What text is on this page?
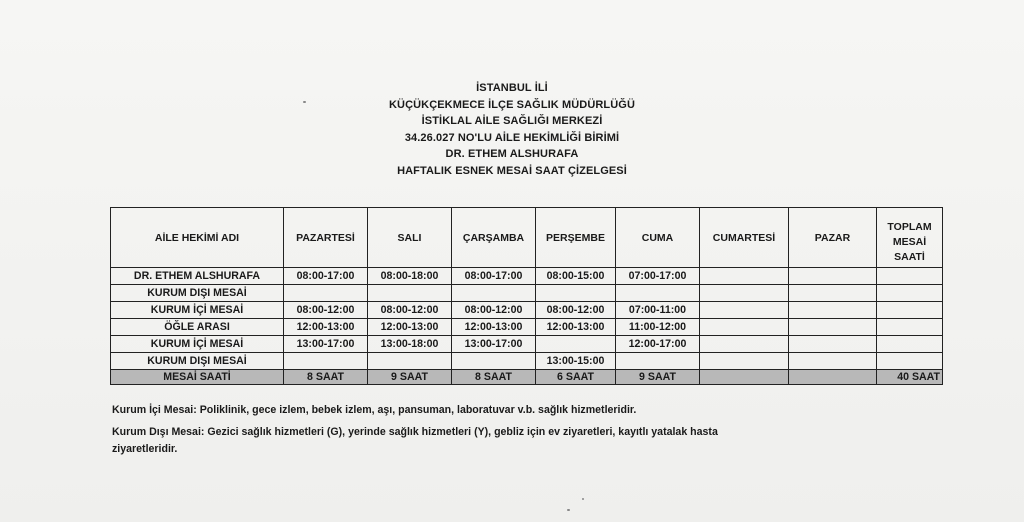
İSTANBUL İLİ
KÜÇÜKÇEKMECE İLÇE SAĞLIK MÜDÜRLÜĞÜ
İSTİKLAL AİLE SAĞLIĞI MERKEZİ
34.26.027 NO'LU AİLE HEKİMLİĞİ BİRİMİ
DR. ETHEM ALSHURAFA
HAFTALIK ESNEK MESAİ SAAT ÇİZELGESİ
AİLE HEKİMİ ADI	PAZARTESİ	SALI	ÇARŞAMBA	PERŞEMBE	CUMA	CUMARTESİ	PAZAR	TOPLAM
MESAİ
SAATİ

DR. ETHEM ALSHURAFA	08:00-17:00	08:00-18:00	08:00-17:00	08:00-15:00	07:00-17:00			
KURUM DIŞI MESAİ								
KURUM İÇİ MESAİ	08:00-12:00	08:00-12:00	08:00-12:00	08:00-12:00	07:00-11:00			
ÖĞLE ARASI	12:00-13:00	12:00-13:00	12:00-13:00	12:00-13:00	11:00-12:00			
KURUM İÇİ MESAİ	13:00-17:00	13:00-18:00	13:00-17:00		12:00-17:00			
KURUM DIŞI MESAİ				13:00-15:00				
MESAİ SAATİ	8 SAAT	9 SAAT	8 SAAT	6 SAAT	9 SAAT			40 SAAT

Kurum İçi Mesai: Poliklinik, gece izlem, bebek izlem, aşı, pansuman, laboratuvar v.b. sağlık hizmetleridir.

Kurum Dışı Mesai: Gezici sağlık hizmetleri (G), yerinde sağlık hizmetleri (Y), gebliz için ev ziyaretleri, kayıtlı yatalak hasta
ziyaretleridir.
